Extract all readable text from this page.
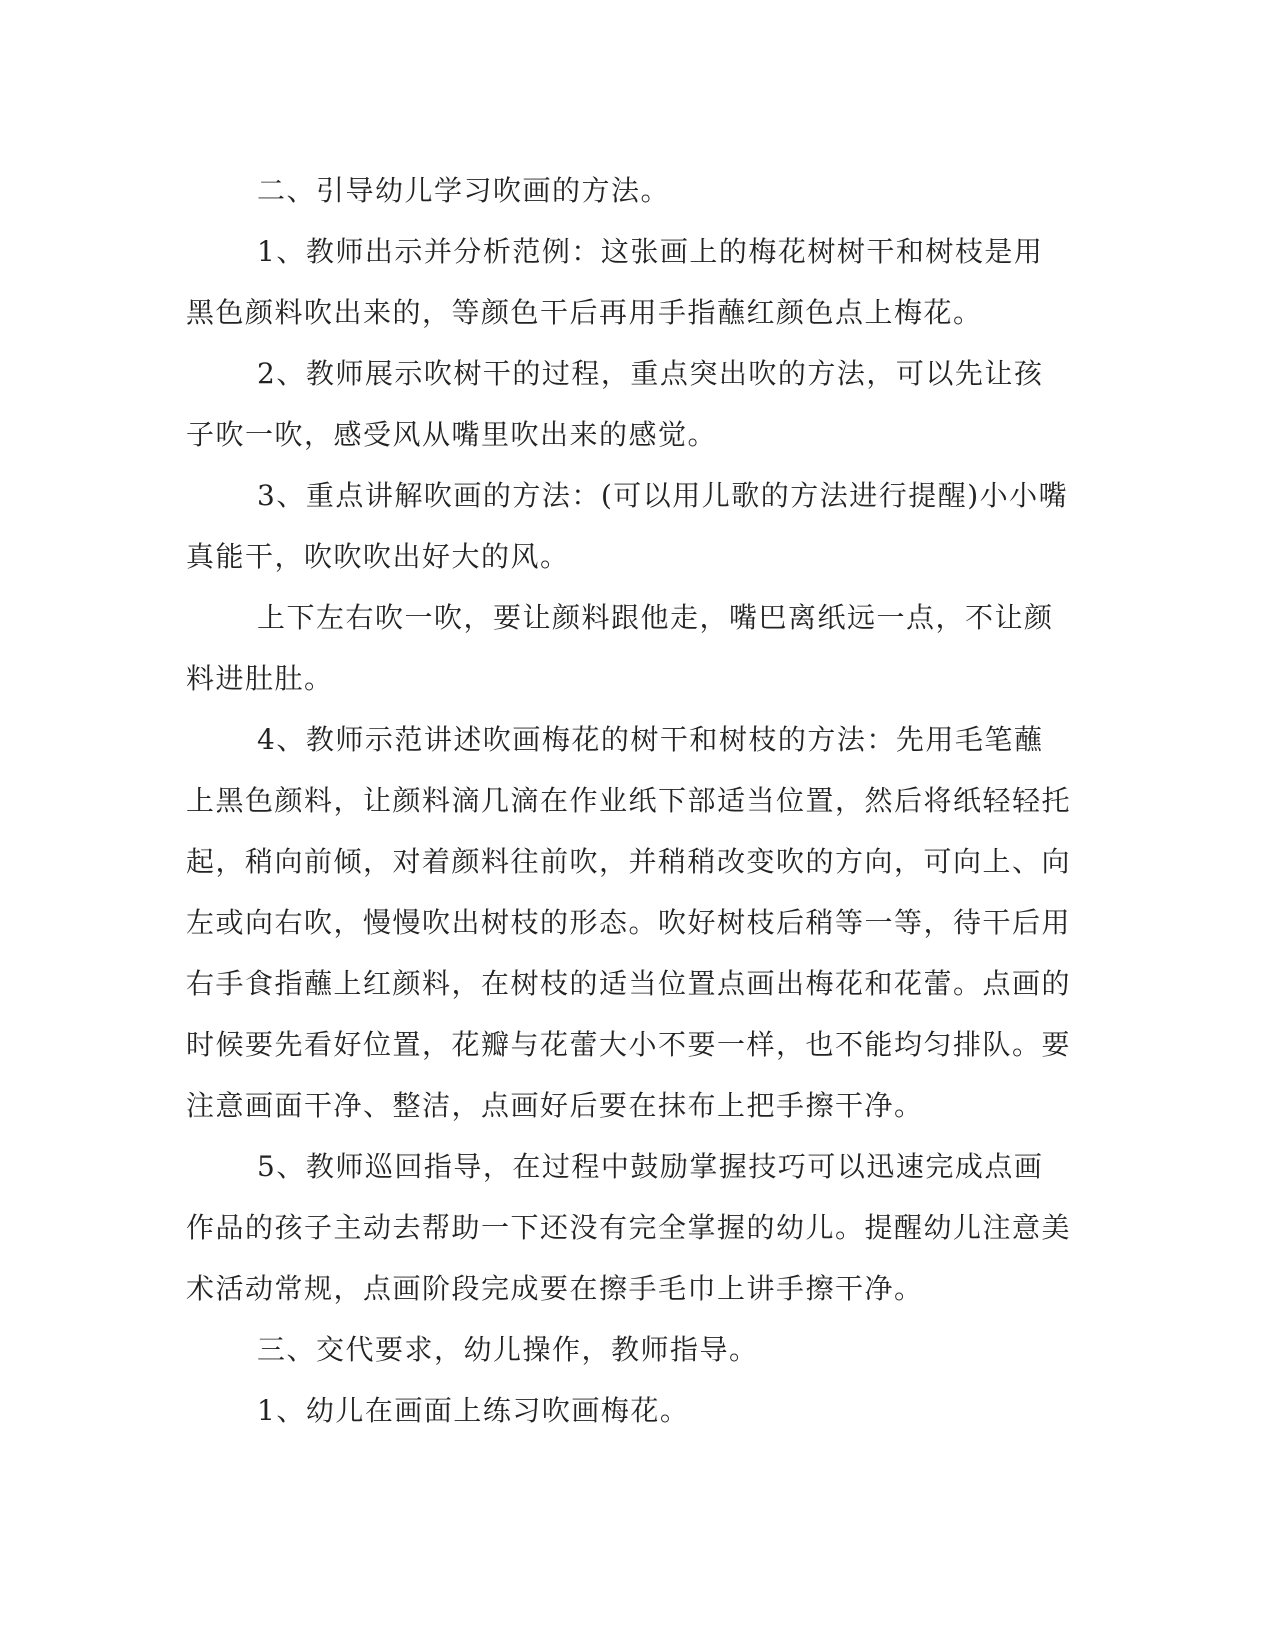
二、引导幼儿学习吹画的方法。

1、教师出示并分析范例：这张画上的梅花树树干和树枝是用黑色颜料吹出来的，等颜色干后再用手指蘸红颜色点上梅花。

2、教师展示吹树干的过程，重点突出吹的方法，可以先让孩子吹一吹，感受风从嘴里吹出来的感觉。

3、重点讲解吹画的方法：(可以用儿歌的方法进行提醒)小小嘴真能干，吹吹吹出好大的风。

上下左右吹一吹，要让颜料跟他走，嘴巴离纸远一点，不让颜料进肚肚。

4、教师示范讲述吹画梅花的树干和树枝的方法：先用毛笔蘸上黑色颜料，让颜料滴几滴在作业纸下部适当位置，然后将纸轻轻托起，稍向前倾，对着颜料往前吹，并稍稍改变吹的方向，可向上、向左或向右吹，慢慢吹出树枝的形态。吹好树枝后稍等一等，待干后用右手食指蘸上红颜料，在树枝的适当位置点画出梅花和花蕾。点画的时候要先看好位置，花瓣与花蕾大小不要一样，也不能均匀排队。要注意画面干净、整洁，点画好后要在抹布上把手擦干净。

5、教师巡回指导，在过程中鼓励掌握技巧可以迅速完成点画作品的孩子主动去帮助一下还没有完全掌握的幼儿。提醒幼儿注意美术活动常规，点画阶段完成要在擦手毛巾上讲手擦干净。

三、交代要求，幼儿操作，教师指导。

1、幼儿在画面上练习吹画梅花。
